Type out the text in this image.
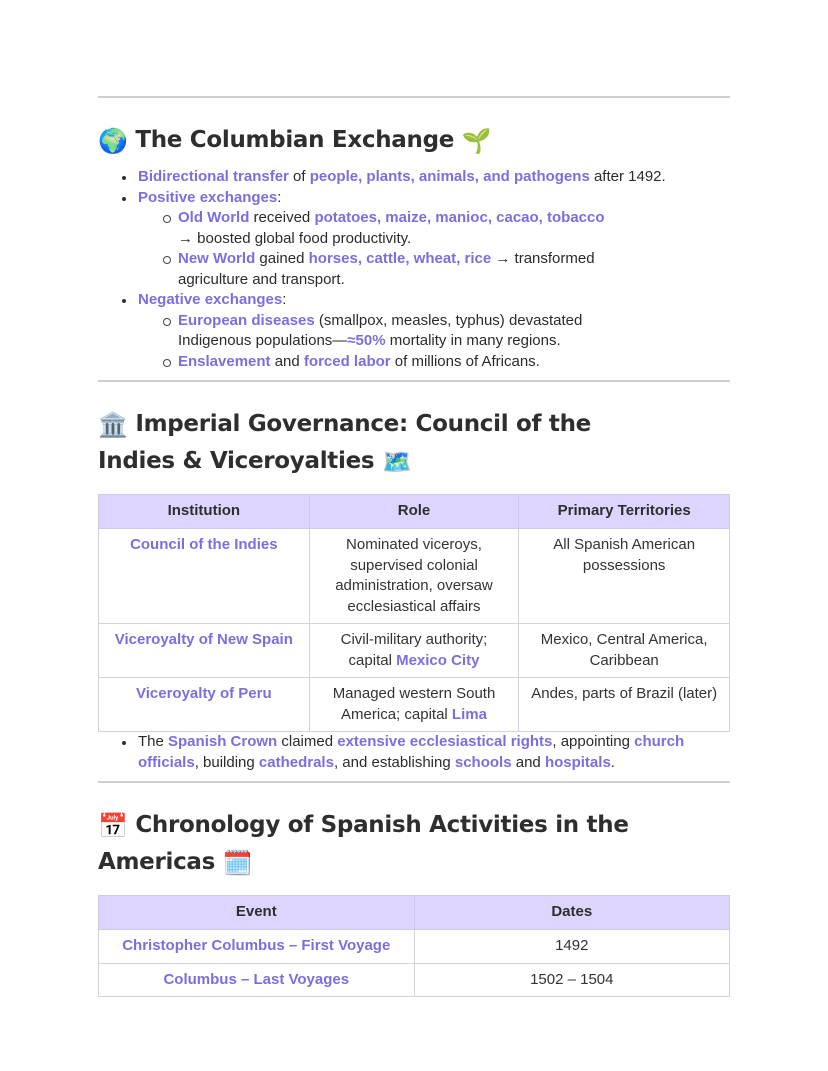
🌍 The Columbian Exchange 🌱
Bidirectional transfer of people, plants, animals, and pathogens after 1492.
Positive exchanges:
Old World received potatoes, maize, manioc, cacao, tobacco → boosted global food productivity.
New World gained horses, cattle, wheat, rice → transformed agriculture and transport.
Negative exchanges:
European diseases (smallpox, measles, typhus) devastated Indigenous populations—≈50% mortality in many regions.
Enslavement and forced labor of millions of Africans.
🏛️ Imperial Governance: Council of the Indies & Viceroyalties 🗺️
Institution	Role	Primary Territories
Council of the Indies	Nominated viceroys, supervised colonial administration, oversaw ecclesiastical affairs	All Spanish American possessions
Viceroyalty of New Spain	Civil-military authority; capital Mexico City	Mexico, Central America, Caribbean
Viceroyalty of Peru	Managed western South America; capital Lima	Andes, parts of Brazil (later)
The Spanish Crown claimed extensive ecclesiastical rights, appointing church officials, building cathedrals, and establishing schools and hospitals.
📅 Chronology of Spanish Activities in the Americas 🗓️
Event	Dates
Christopher Columbus – First Voyage	1492
Columbus – Last Voyages	1502 – 1504
